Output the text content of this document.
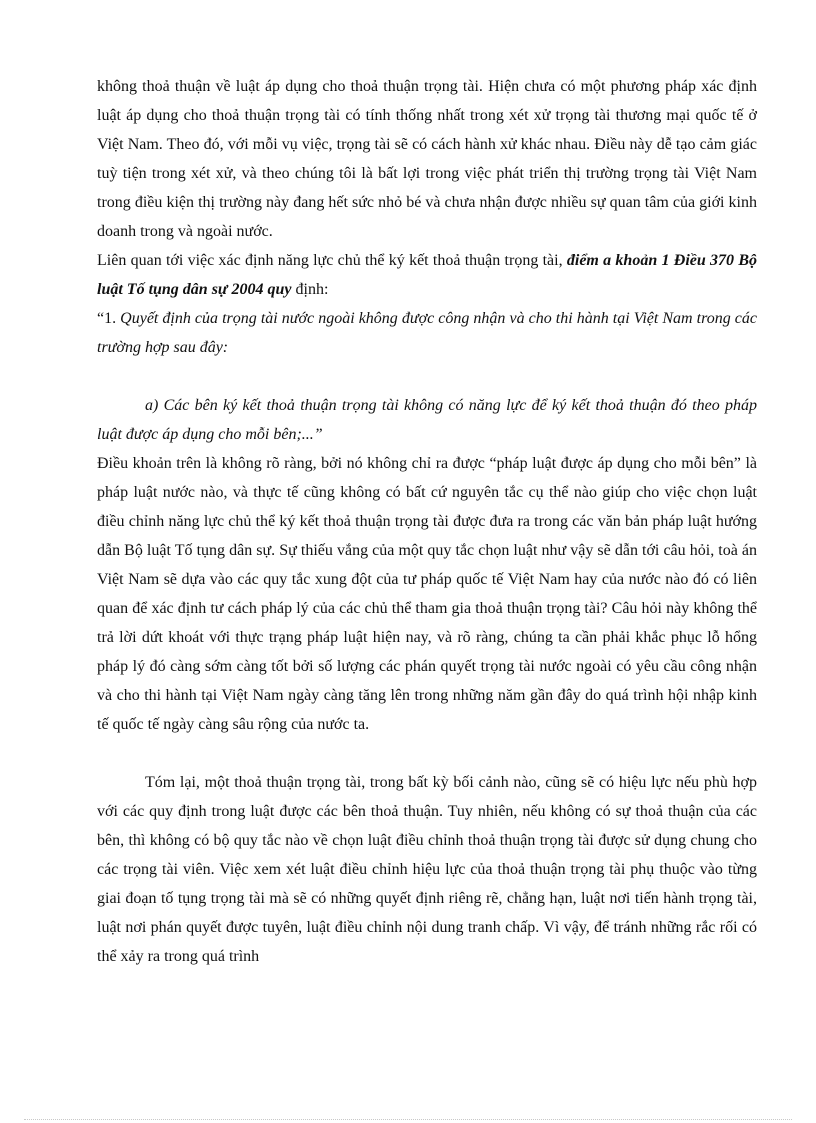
không thoả thuận về luật áp dụng cho thoả thuận trọng tài. Hiện chưa có một phương pháp xác định luật áp dụng cho thoả thuận trọng tài có tính thống nhất trong xét xử trọng tài thương mại quốc tế ở Việt Nam. Theo đó, với mỗi vụ việc, trọng tài sẽ có cách hành xử khác nhau. Điều này dễ tạo cảm giác tuỳ tiện trong xét xử, và theo chúng tôi là bất lợi trong việc phát triển thị trường trọng tài Việt Nam trong điều kiện thị trường này đang hết sức nhỏ bé và chưa nhận được nhiều sự quan tâm của giới kinh doanh trong và ngoài nước.

Liên quan tới việc xác định năng lực chủ thể ký kết thoả thuận trọng tài, điểm a khoản 1 Điều 370 Bộ luật Tố tụng dân sự 2004 quy định:

“1. Quyết định của trọng tài nước ngoài không được công nhận và cho thi hành tại Việt Nam trong các trường hợp sau đây:

a) Các bên ký kết thoả thuận trọng tài không có năng lực để ký kết thoả thuận đó theo pháp luật được áp dụng cho mỗi bên;...”

Điều khoản trên là không rõ ràng, bởi nó không chỉ ra được “pháp luật được áp dụng cho mỗi bên” là pháp luật nước nào, và thực tế cũng không có bất cứ nguyên tắc cụ thể nào giúp cho việc chọn luật điều chỉnh năng lực chủ thể ký kết thoả thuận trọng tài được đưa ra trong các văn bản pháp luật hướng dẫn Bộ luật Tố tụng dân sự. Sự thiếu vắng của một quy tắc chọn luật như vậy sẽ dẫn tới câu hỏi, toà án Việt Nam sẽ dựa vào các quy tắc xung đột của tư pháp quốc tế Việt Nam hay của nước nào đó có liên quan để xác định tư cách pháp lý của các chủ thể tham gia thoả thuận trọng tài? Câu hỏi này không thể trả lời dứt khoát với thực trạng pháp luật hiện nay, và rõ ràng, chúng ta cần phải khắc phục lỗ hổng pháp lý đó càng sớm càng tốt bởi số lượng các phán quyết trọng tài nước ngoài có yêu cầu công nhận và cho thi hành tại Việt Nam ngày càng tăng lên trong những năm gần đây do quá trình hội nhập kinh tế quốc tế ngày càng sâu rộng của nước ta.

Tóm lại, một thoả thuận trọng tài, trong bất kỳ bối cảnh nào, cũng sẽ có hiệu lực nếu phù hợp với các quy định trong luật được các bên thoả thuận. Tuy nhiên, nếu không có sự thoả thuận của các bên, thì không có bộ quy tắc nào về chọn luật điều chỉnh thoả thuận trọng tài được sử dụng chung cho các trọng tài viên. Việc xem xét luật điều chỉnh hiệu lực của thoả thuận trọng tài phụ thuộc vào từng giai đoạn tố tụng trọng tài mà sẽ có những quyết định riêng rẽ, chẳng hạn, luật nơi tiến hành trọng tài, luật nơi phán quyết được tuyên, luật điều chỉnh nội dung tranh chấp. Vì vậy, để tránh những rắc rối có thể xảy ra trong quá trình
